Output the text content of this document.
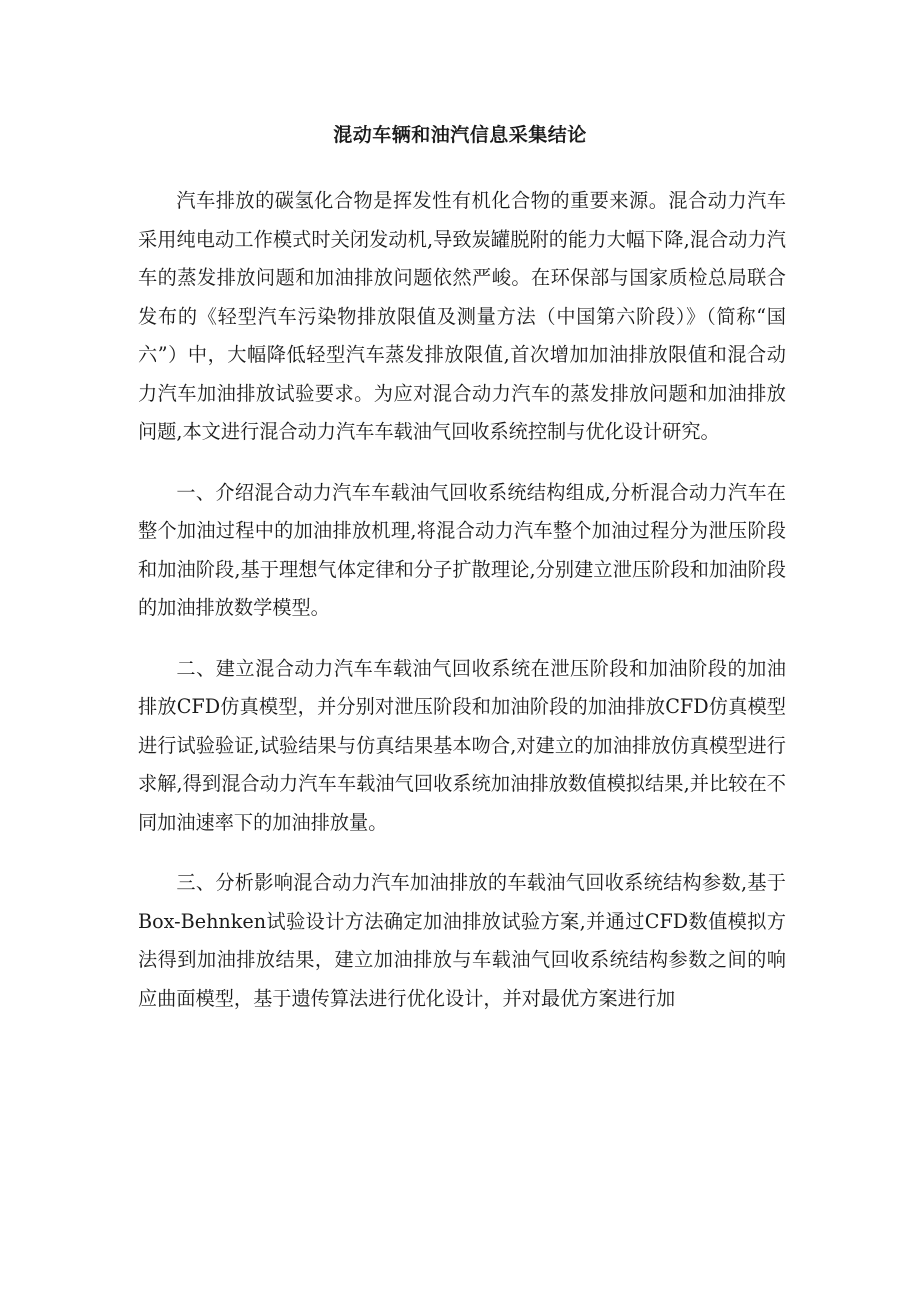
混动车辆和油汽信息采集结论

汽车排放的碳氢化合物是挥发性有机化合物的重要来源。混合动力汽车采用纯电动工作模式时关闭发动机,导致炭罐脱附的能力大幅下降,混合动力汽车的蒸发排放问题和加油排放问题依然严峻。在环保部与国家质检总局联合发布的《轻型汽车污染物排放限值及测量方法（中国第六阶段）》（简称“国六”）中，大幅降低轻型汽车蒸发排放限值,首次增加加油排放限值和混合动力汽车加油排放试验要求。为应对混合动力汽车的蒸发排放问题和加油排放问题,本文进行混合动力汽车车载油气回收系统控制与优化设计研究。

一、介绍混合动力汽车车载油气回收系统结构组成,分析混合动力汽车在整个加油过程中的加油排放机理,将混合动力汽车整个加油过程分为泄压阶段和加油阶段,基于理想气体定律和分子扩散理论,分别建立泄压阶段和加油阶段的加油排放数学模型。

二、建立混合动力汽车车载油气回收系统在泄压阶段和加油阶段的加油排放CFD仿真模型，并分别对泄压阶段和加油阶段的加油排放CFD仿真模型进行试验验证,试验结果与仿真结果基本吻合,对建立的加油排放仿真模型进行求解,得到混合动力汽车车载油气回收系统加油排放数值模拟结果,并比较在不同加油速率下的加油排放量。

三、分析影响混合动力汽车加油排放的车载油气回收系统结构参数,基于Box-Behnken试验设计方法确定加油排放试验方案,并通过CFD数值模拟方法得到加油排放结果，建立加油排放与车载油气回收系统结构参数之间的响应曲面模型，基于遗传算法进行优化设计，并对最优方案进行加
